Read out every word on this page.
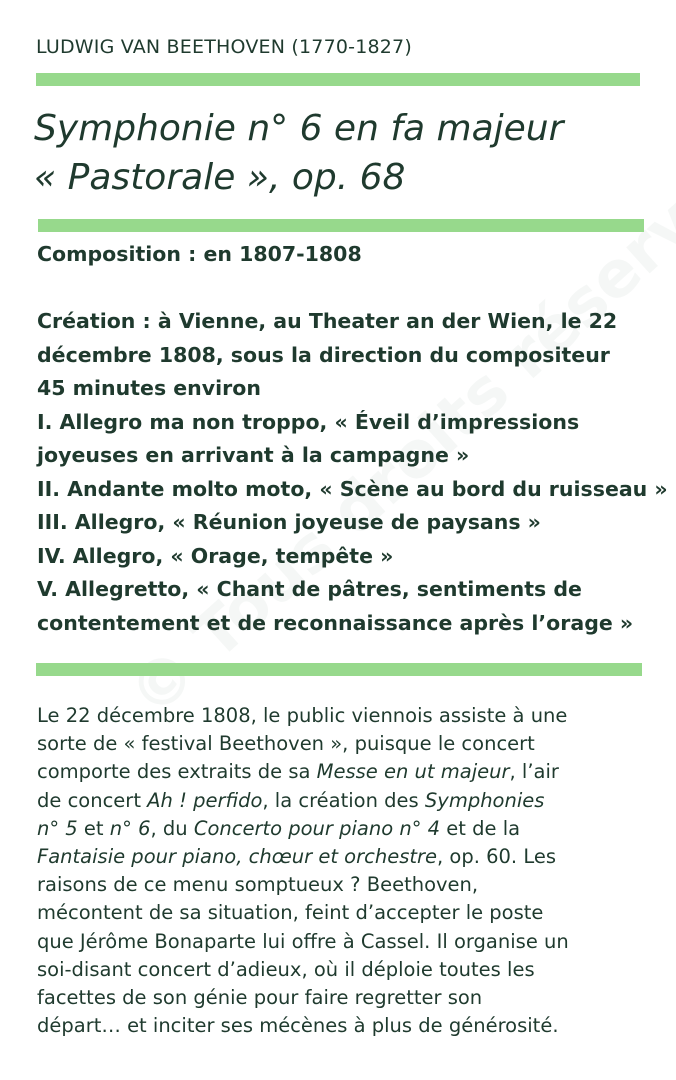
LUDWIG VAN BEETHOVEN (1770-1827)
Symphonie n° 6 en fa majeur
« Pastorale », op. 68
Composition : en 1807-1808
Création : à Vienne, au Theater an der Wien, le 22
décembre 1808, sous la direction du compositeur
45 minutes environ
I. Allegro ma non troppo, « Éveil d’impressions
joyeuses en arrivant à la campagne »
II. Andante molto moto, « Scène au bord du ruisseau »
III. Allegro, « Réunion joyeuse de paysans »
IV. Allegro, « Orage, tempête »
V. Allegretto, « Chant de pâtres, sentiments de
contentement et de reconnaissance après l’orage »
Le 22 décembre 1808, le public viennois assiste à une
sorte de « festival Beethoven », puisque le concert
comporte des extraits de sa Messe en ut majeur, l’air
de concert Ah ! perfido, la création des Symphonies
n° 5 et n° 6, du Concerto pour piano n° 4 et de la
Fantaisie pour piano, chœur et orchestre, op. 60. Les
raisons de ce menu somptueux ? Beethoven,
mécontent de sa situation, feint d’accepter le poste
que Jérôme Bonaparte lui offre à Cassel. Il organise un
soi-disant concert d’adieux, où il déploie toutes les
facettes de son génie pour faire regretter son
départ… et inciter ses mécènes à plus de générosité.
